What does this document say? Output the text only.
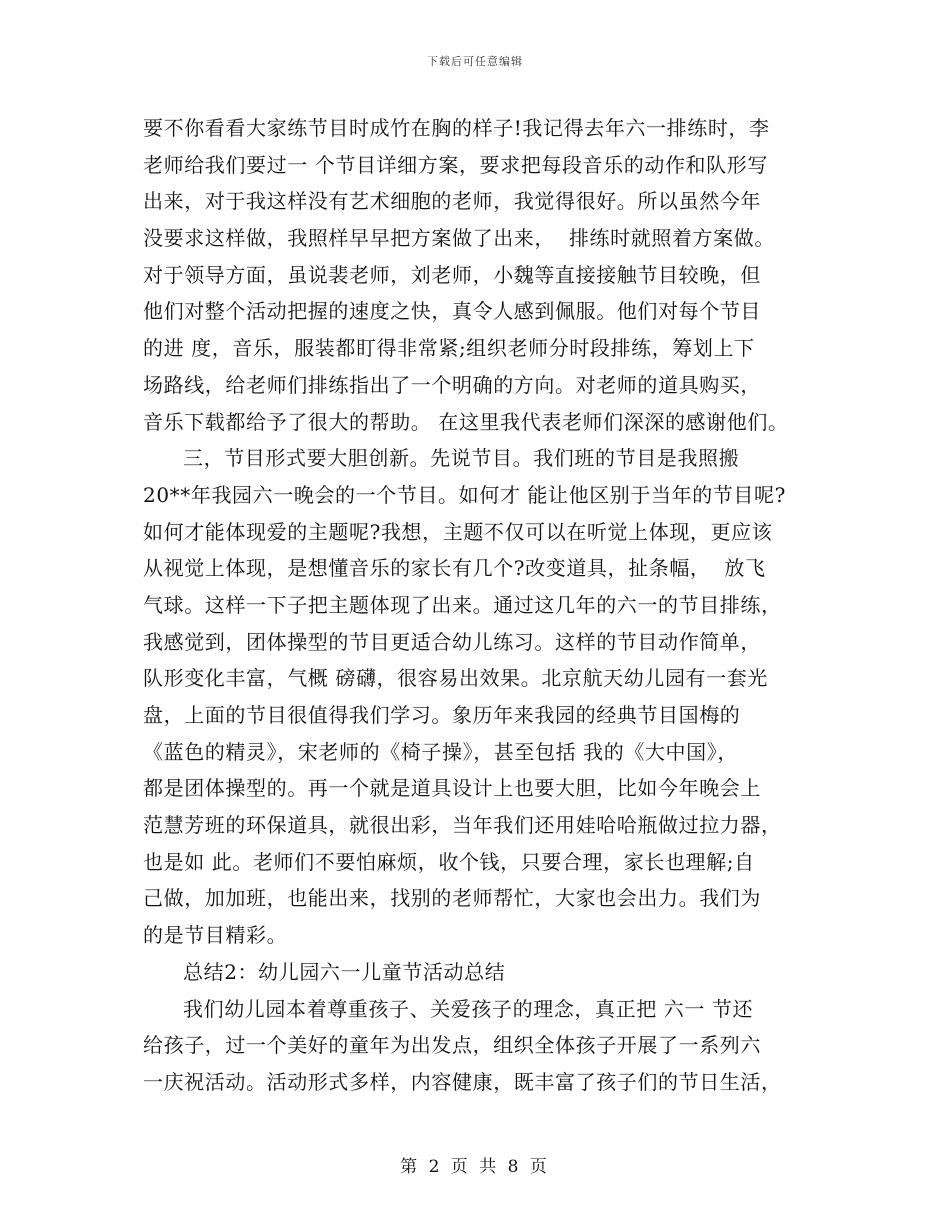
下载后可任意编辑
要不你看看大家练节目时成竹在胸的样子!我记得去年六一排练时，李
老师给我们要过一 个节目详细方案，要求把每段音乐的动作和队形写
出来，对于我这样没有艺术细胞的老师，我觉得很好。所以虽然今年
没要求这样做，我照样早早把方案做了出来，  排练时就照着方案做。
对于领导方面，虽说裴老师，刘老师，小魏等直接接触节目较晚，但
他们对整个活动把握的速度之快，真令人感到佩服。他们对每个节目
的进 度，音乐，服装都盯得非常紧;组织老师分时段排练，筹划上下
场路线，给老师们排练指出了一个明确的方向。对老师的道具购买，
音乐下载都给予了很大的帮助。 在这里我代表老师们深深的感谢他们。
三，节目形式要大胆创新。先说节目。我们班的节目是我照搬
20**年我园六一晚会的一个节目。如何才 能让他区别于当年的节目呢?
如何才能体现爱的主题呢?我想，主题不仅可以在听觉上体现，更应该
从视觉上体现，是想懂音乐的家长有几个?改变道具，扯条幅，  放飞
气球。这样一下子把主题体现了出来。通过这几年的六一的节目排练，
我感觉到，团体操型的节目更适合幼儿练习。这样的节目动作简单，
队形变化丰富，气概 磅礴，很容易出效果。北京航天幼儿园有一套光
盘，上面的节目很值得我们学习。象历年来我园的经典节目国梅的
《蓝色的精灵》，宋老师的《椅子操》，甚至包括 我的《大中国》，
都是团体操型的。再一个就是道具设计上也要大胆，比如今年晚会上
范慧芳班的环保道具，就很出彩，当年我们还用娃哈哈瓶做过拉力器，
也是如 此。老师们不要怕麻烦，收个钱，只要合理，家长也理解;自
己做，加加班，也能出来，找别的老师帮忙，大家也会出力。我们为
的是节目精彩。
总结2：幼儿园六一儿童节活动总结
我们幼儿园本着尊重孩子、关爱孩子的理念，真正把 六一 节还
给孩子，过一个美好的童年为出发点，组织全体孩子开展了一系列六
一庆祝活动。活动形式多样，内容健康，既丰富了孩子们的节日生活，
第 2 页 共 8 页
